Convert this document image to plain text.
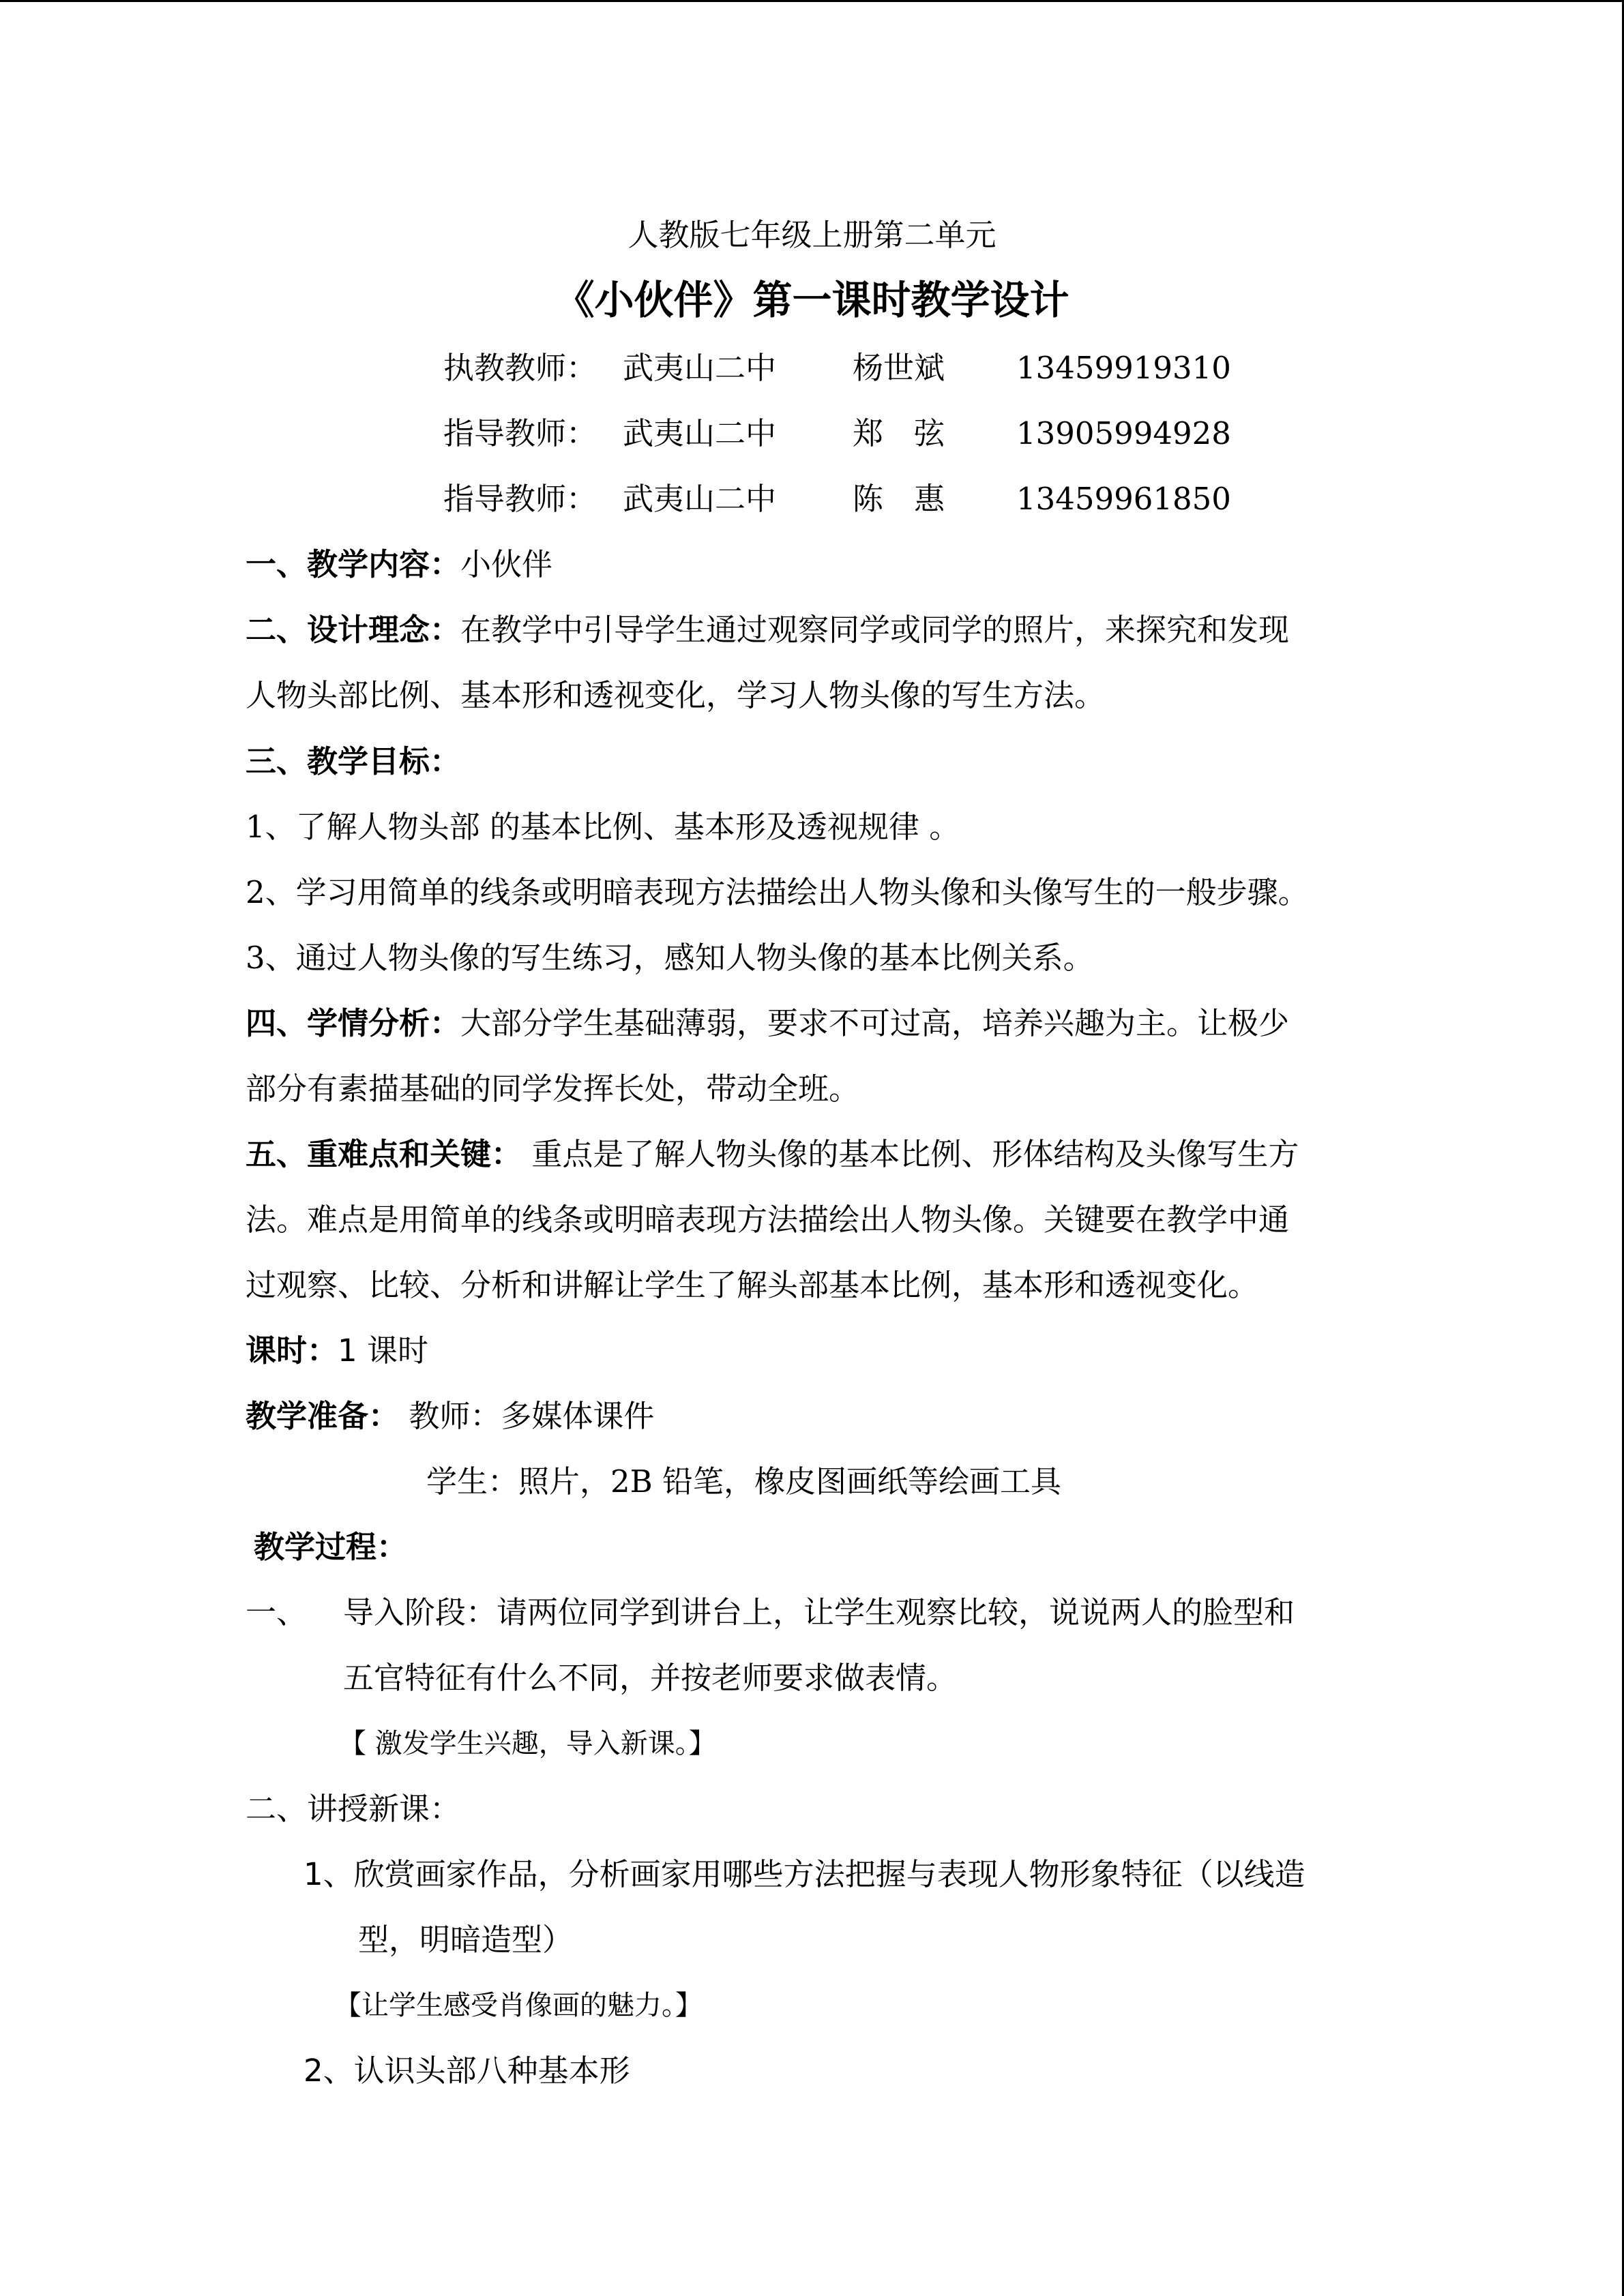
人教版七年级上册第二单元
《小伙伴》第一课时教学设计
执教教师： 武夷山二中 杨世斌 13459919310
指导教师： 武夷山二中 郑　弦 13905994928
指导教师： 武夷山二中 陈　惠 13459961850
一、教学内容：小伙伴
二、设计理念：在教学中引导学生通过观察同学或同学的照片，来探究和发现
人物头部比例、基本形和透视变化，学习人物头像的写生方法。
三、教学目标：
1、了解人物头部 的基本比例、基本形及透视规律 。
2、学习用简单的线条或明暗表现方法描绘出人物头像和头像写生的一般步骤。
3、通过人物头像的写生练习，感知人物头像的基本比例关系。
四、学情分析：大部分学生基础薄弱，要求不可过高，培养兴趣为主。让极少
部分有素描基础的同学发挥长处，带动全班。
五、重难点和关键： 重点是了解人物头像的基本比例、形体结构及头像写生方
法。难点是用简单的线条或明暗表现方法描绘出人物头像。关键要在教学中通
过观察、比较、分析和讲解让学生了解头部基本比例，基本形和透视变化。
课时：1 课时
教学准备： 教师：多媒体课件
学生：照片，2B 铅笔，橡皮图画纸等绘画工具
教学过程：
一、 导入阶段：请两位同学到讲台上，让学生观察比较，说说两人的脸型和
五官特征有什么不同，并按老师要求做表情。
【 激发学生兴趣，导入新课。】
二、讲授新课：
1、欣赏画家作品，分析画家用哪些方法把握与表现人物形象特征（以线造
型，明暗造型）
【让学生感受肖像画的魅力。】
2、认识头部八种基本形
